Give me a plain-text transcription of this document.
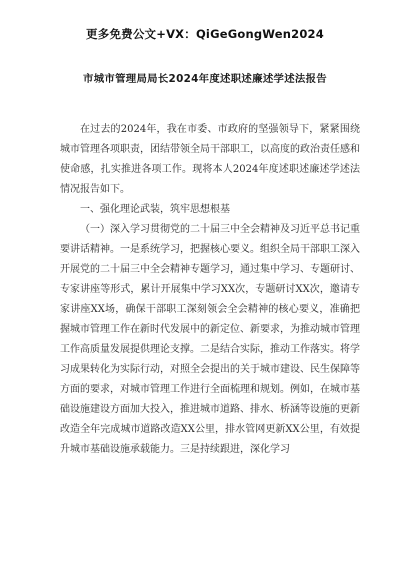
更多免费公文+VX：QiGeGongWen2024
市城市管理局局长2024年度述职述廉述学述法报告

在过去的2024年，我在市委、市政府的坚强领导下，紧紧围绕城市管理各项职责，团结带领全局干部职工，以高度的政治责任感和使命感，扎实推进各项工作。现将本人2024年度述职述廉述学述法情况报告如下。

一、强化理论武装，筑牢思想根基

（一）深入学习贯彻党的二十届三中全会精神及习近平总书记重要讲话精神。一是系统学习，把握核心要义。组织全局干部职工深入开展党的二十届三中全会精神专题学习，通过集中学习、专题研讨、专家讲座等形式，累计开展集中学习XX次，专题研讨XX次，邀请专家讲座XX场，确保干部职工深刻领会全会精神的核心要义，准确把握城市管理工作在新时代发展中的新定位、新要求，为推动城市管理工作高质量发展提供理论支撑。二是结合实际，推动工作落实。将学习成果转化为实际行动，对照全会提出的关于城市建设、民生保障等方面的要求，对城市管理工作进行全面梳理和规划。例如，在城市基础设施建设方面加大投入，推进城市道路、排水、桥涵等设施的更新改造全年完成城市道路改造XX公里，排水管网更新XX公里，有效提升城市基础设施承载能力。三是持续跟进，深化学习
